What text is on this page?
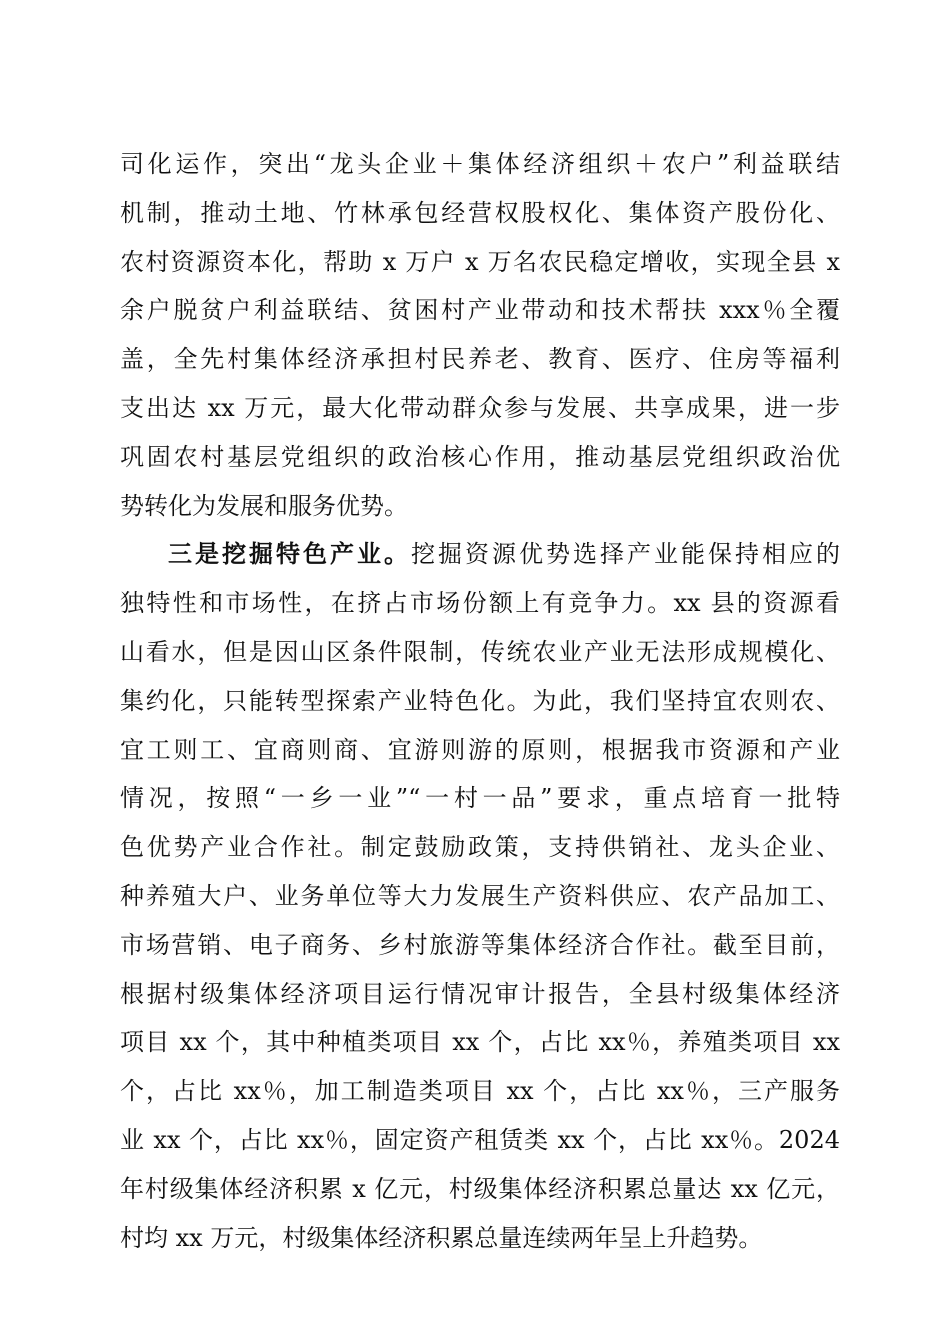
司化运作，突出“龙头企业＋集体经济组织＋农户”利益联结
机制，推动土地、竹林承包经营权股权化、集体资产股份化、
农村资源资本化，帮助 x 万户 x 万名农民稳定增收，实现全县 x
余户脱贫户利益联结、贫困村产业带动和技术帮扶 xxx％全覆
盖，全先村集体经济承担村民养老、教育、医疗、住房等福利
支出达 xx 万元，最大化带动群众参与发展、共享成果，进一步
巩固农村基层党组织的政治核心作用，推动基层党组织政治优
势转化为发展和服务优势。
三是挖掘特色产业。挖掘资源优势选择产业能保持相应的
独特性和市场性，在挤占市场份额上有竞争力。xx 县的资源看
山看水，但是因山区条件限制，传统农业产业无法形成规模化、
集约化，只能转型探索产业特色化。为此，我们坚持宜农则农、
宜工则工、宜商则商、宜游则游的原则，根据我市资源和产业
情况，按照“一乡一业”“一村一品”要求，重点培育一批特
色优势产业合作社。制定鼓励政策，支持供销社、龙头企业、
种养殖大户、业务单位等大力发展生产资料供应、农产品加工、
市场营销、电子商务、乡村旅游等集体经济合作社。截至目前，
根据村级集体经济项目运行情况审计报告，全县村级集体经济
项目 xx 个，其中种植类项目 xx 个，占比 xx％，养殖类项目 xx
个，占比 xx％，加工制造类项目 xx 个，占比 xx％，三产服务
业 xx 个，占比 xx％，固定资产租赁类 xx 个，占比 xx％。2024
年村级集体经济积累 x 亿元，村级集体经济积累总量达 xx 亿元，
村均 xx 万元，村级集体经济积累总量连续两年呈上升趋势。
